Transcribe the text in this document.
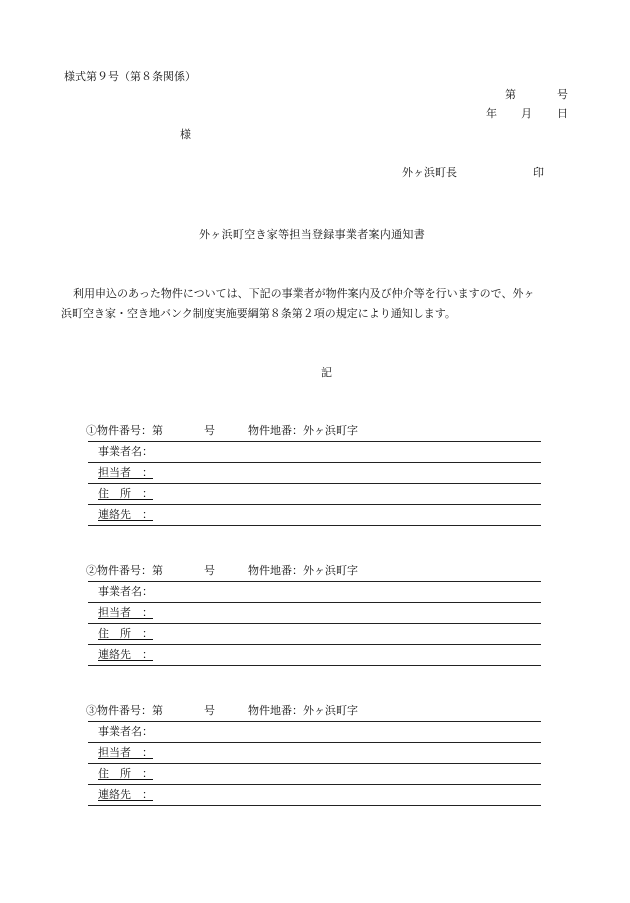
様式第９号（第８条関係）
第	号
年 月 日
様
外ヶ浜町長	印
外ヶ浜町空き家等担当登録事業者案内通知書
利用申込のあった物件については、下記の事業者が物件案内及び仲介等を行いますので、外ヶ
浜町空き家・空き地バンク制度実施要綱第８条第２項の規定により通知します。
記
①物件番号：第	号	物件地番：外ヶ浜町字
事業者名：
担当者　：
住　所　：
連絡先　：
②物件番号：第	号	物件地番：外ヶ浜町字
事業者名：
担当者　：
住　所　：
連絡先　：
③物件番号：第	号	物件地番：外ヶ浜町字
事業者名：
担当者　：
住　所　：
連絡先　：
